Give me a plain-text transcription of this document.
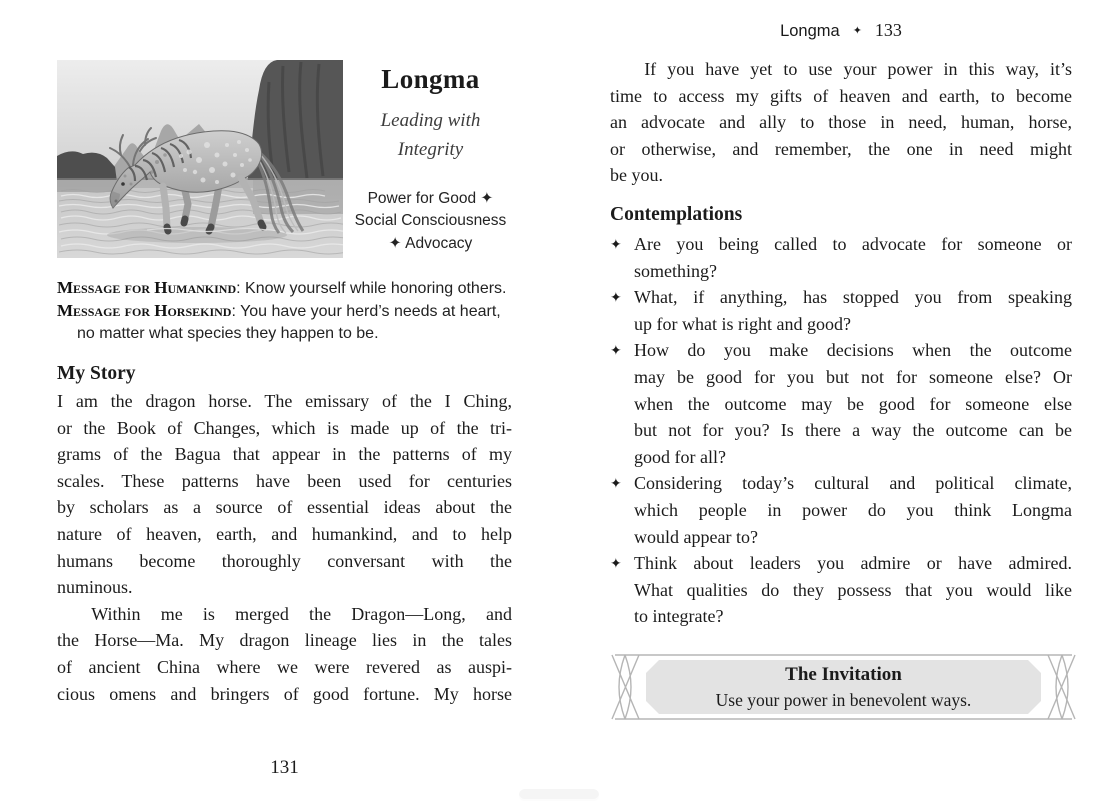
Longma
Leading with
Integrity
Power for Good ✦
Social Consciousness
✦ Advocacy

Message for Humankind: Know yourself while honoring others.

Message for Horsekind: You have your herd’s needs at heart, no matter what species they happen to be.

My Story

I am the dragon horse. The emissary of the I Ching,
or the Book of Changes, which is made up of the tri-
grams of the Bagua that appear in the patterns of my
scales. These patterns have been used for centuries
by scholars as a source of essential ideas about the
nature of heaven, earth, and humankind, and to help
humans become thoroughly conversant with the
numinous.

Within me is merged the Dragon—Long, and
the Horse—Ma. My dragon lineage lies in the tales
of ancient China where we were revered as auspi-
cious omens and bringers of good fortune. My horse

131
Longma ✦ 133

If you have yet to use your power in this way, it’s
time to access my gifts of heaven and earth, to become
an advocate and ally to those in need, human, horse,
or otherwise, and remember, the one in need might
be you.

Contemplations
✦ Are you being called to advocate for someone or
something?
✦ What, if anything, has stopped you from speaking
up for what is right and good?
✦ How do you make decisions when the outcome
may be good for you but not for someone else? Or
when the outcome may be good for someone else
but not for you? Is there a way the outcome can be
good for all?
✦ Considering today’s cultural and political climate,
which people in power do you think Longma
would appear to?
✦ Think about leaders you admire or have admired.
What qualities do they possess that you would like
to integrate?
The Invitation
Use your power in benevolent ways.
